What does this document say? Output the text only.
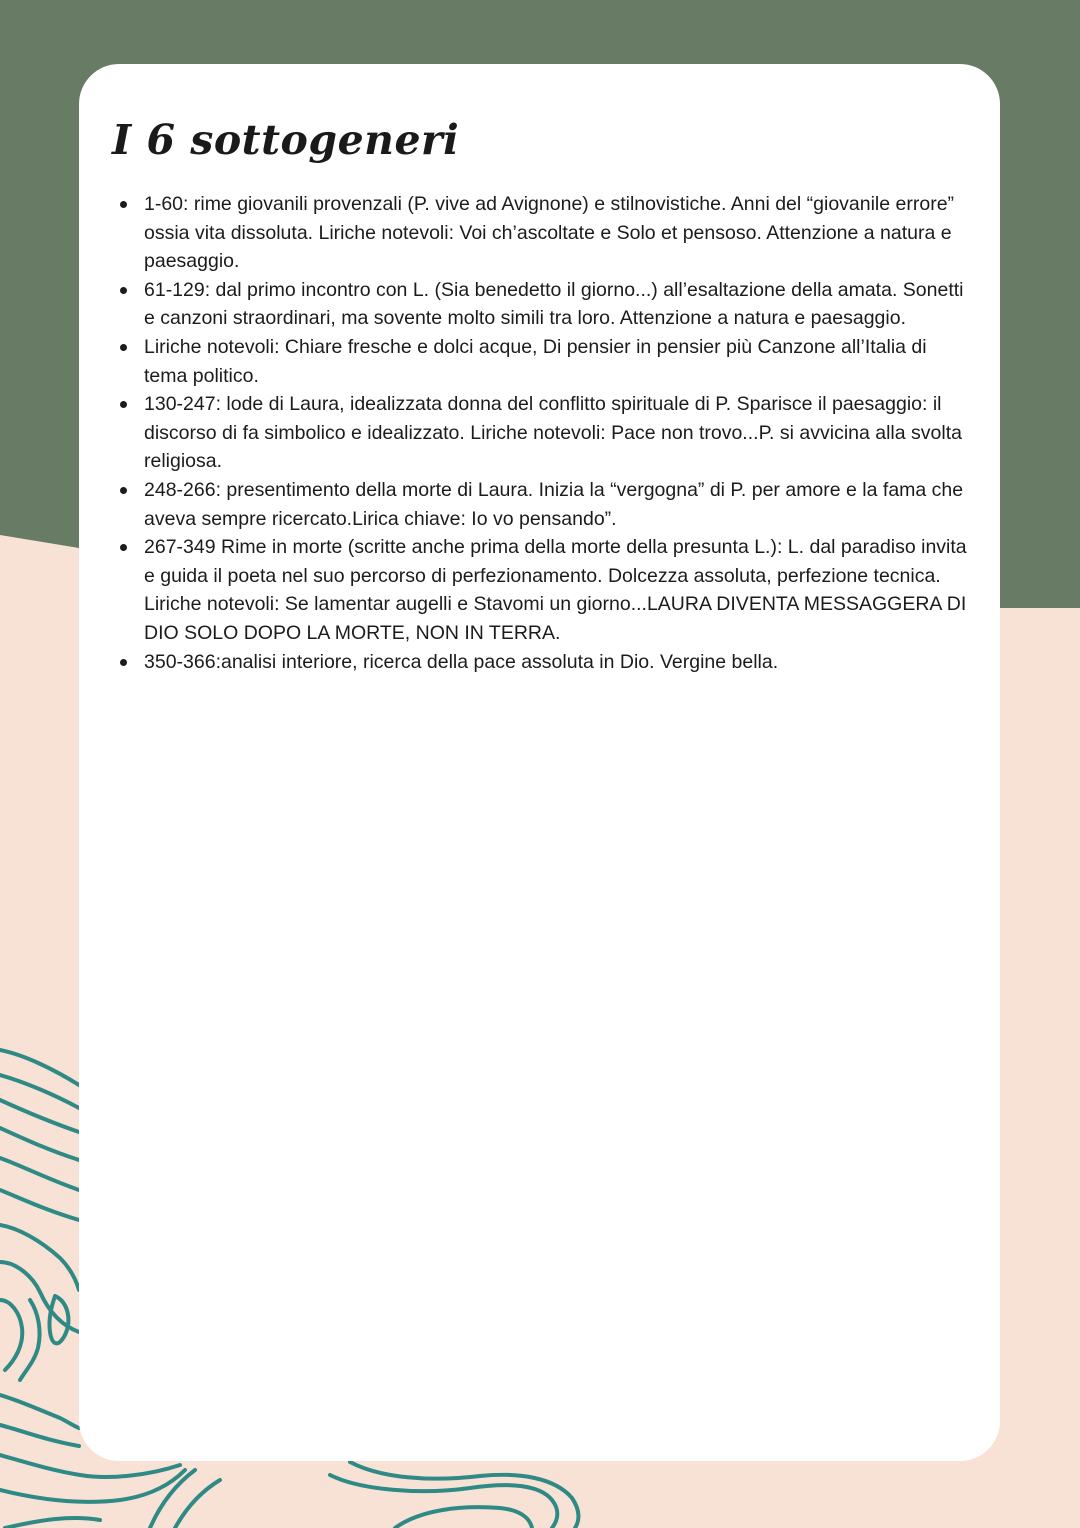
I 6 sottogeneri
1-60: rime giovanili provenzali (P. vive ad Avignone) e stilnovistiche. Anni del “giovanile errore” ossia vita dissoluta. Liriche notevoli: Voi ch’ascoltate e Solo et pensoso. Attenzione a natura e paesaggio.
61-129: dal primo incontro con L. (Sia benedetto il giorno...) all’esaltazione della amata. Sonetti e canzoni straordinari, ma sovente molto simili tra loro. Attenzione a natura e paesaggio.
Liriche notevoli: Chiare fresche e dolci acque, Di pensier in pensier più Canzone all’Italia di tema politico.
130-247: lode di Laura, idealizzata donna del conflitto spirituale di P. Sparisce il paesaggio: il discorso di fa simbolico e idealizzato. Liriche notevoli: Pace non trovo...P. si avvicina alla svolta religiosa.
248-266: presentimento della morte di Laura. Inizia la “vergogna” di P. per amore e la fama che aveva sempre ricercato.Lirica chiave: Io vo pensando”.
267-349 Rime in morte (scritte anche prima della morte della presunta L.): L. dal paradiso invita e guida il poeta nel suo percorso di perfezionamento. Dolcezza assoluta, perfezione tecnica. Liriche notevoli: Se lamentar augelli e Stavomi un giorno...LAURA DIVENTA MESSAGGERA DI DIO SOLO DOPO LA MORTE, NON IN TERRA.
350-366:analisi interiore, ricerca della pace assoluta in Dio. Vergine bella.
